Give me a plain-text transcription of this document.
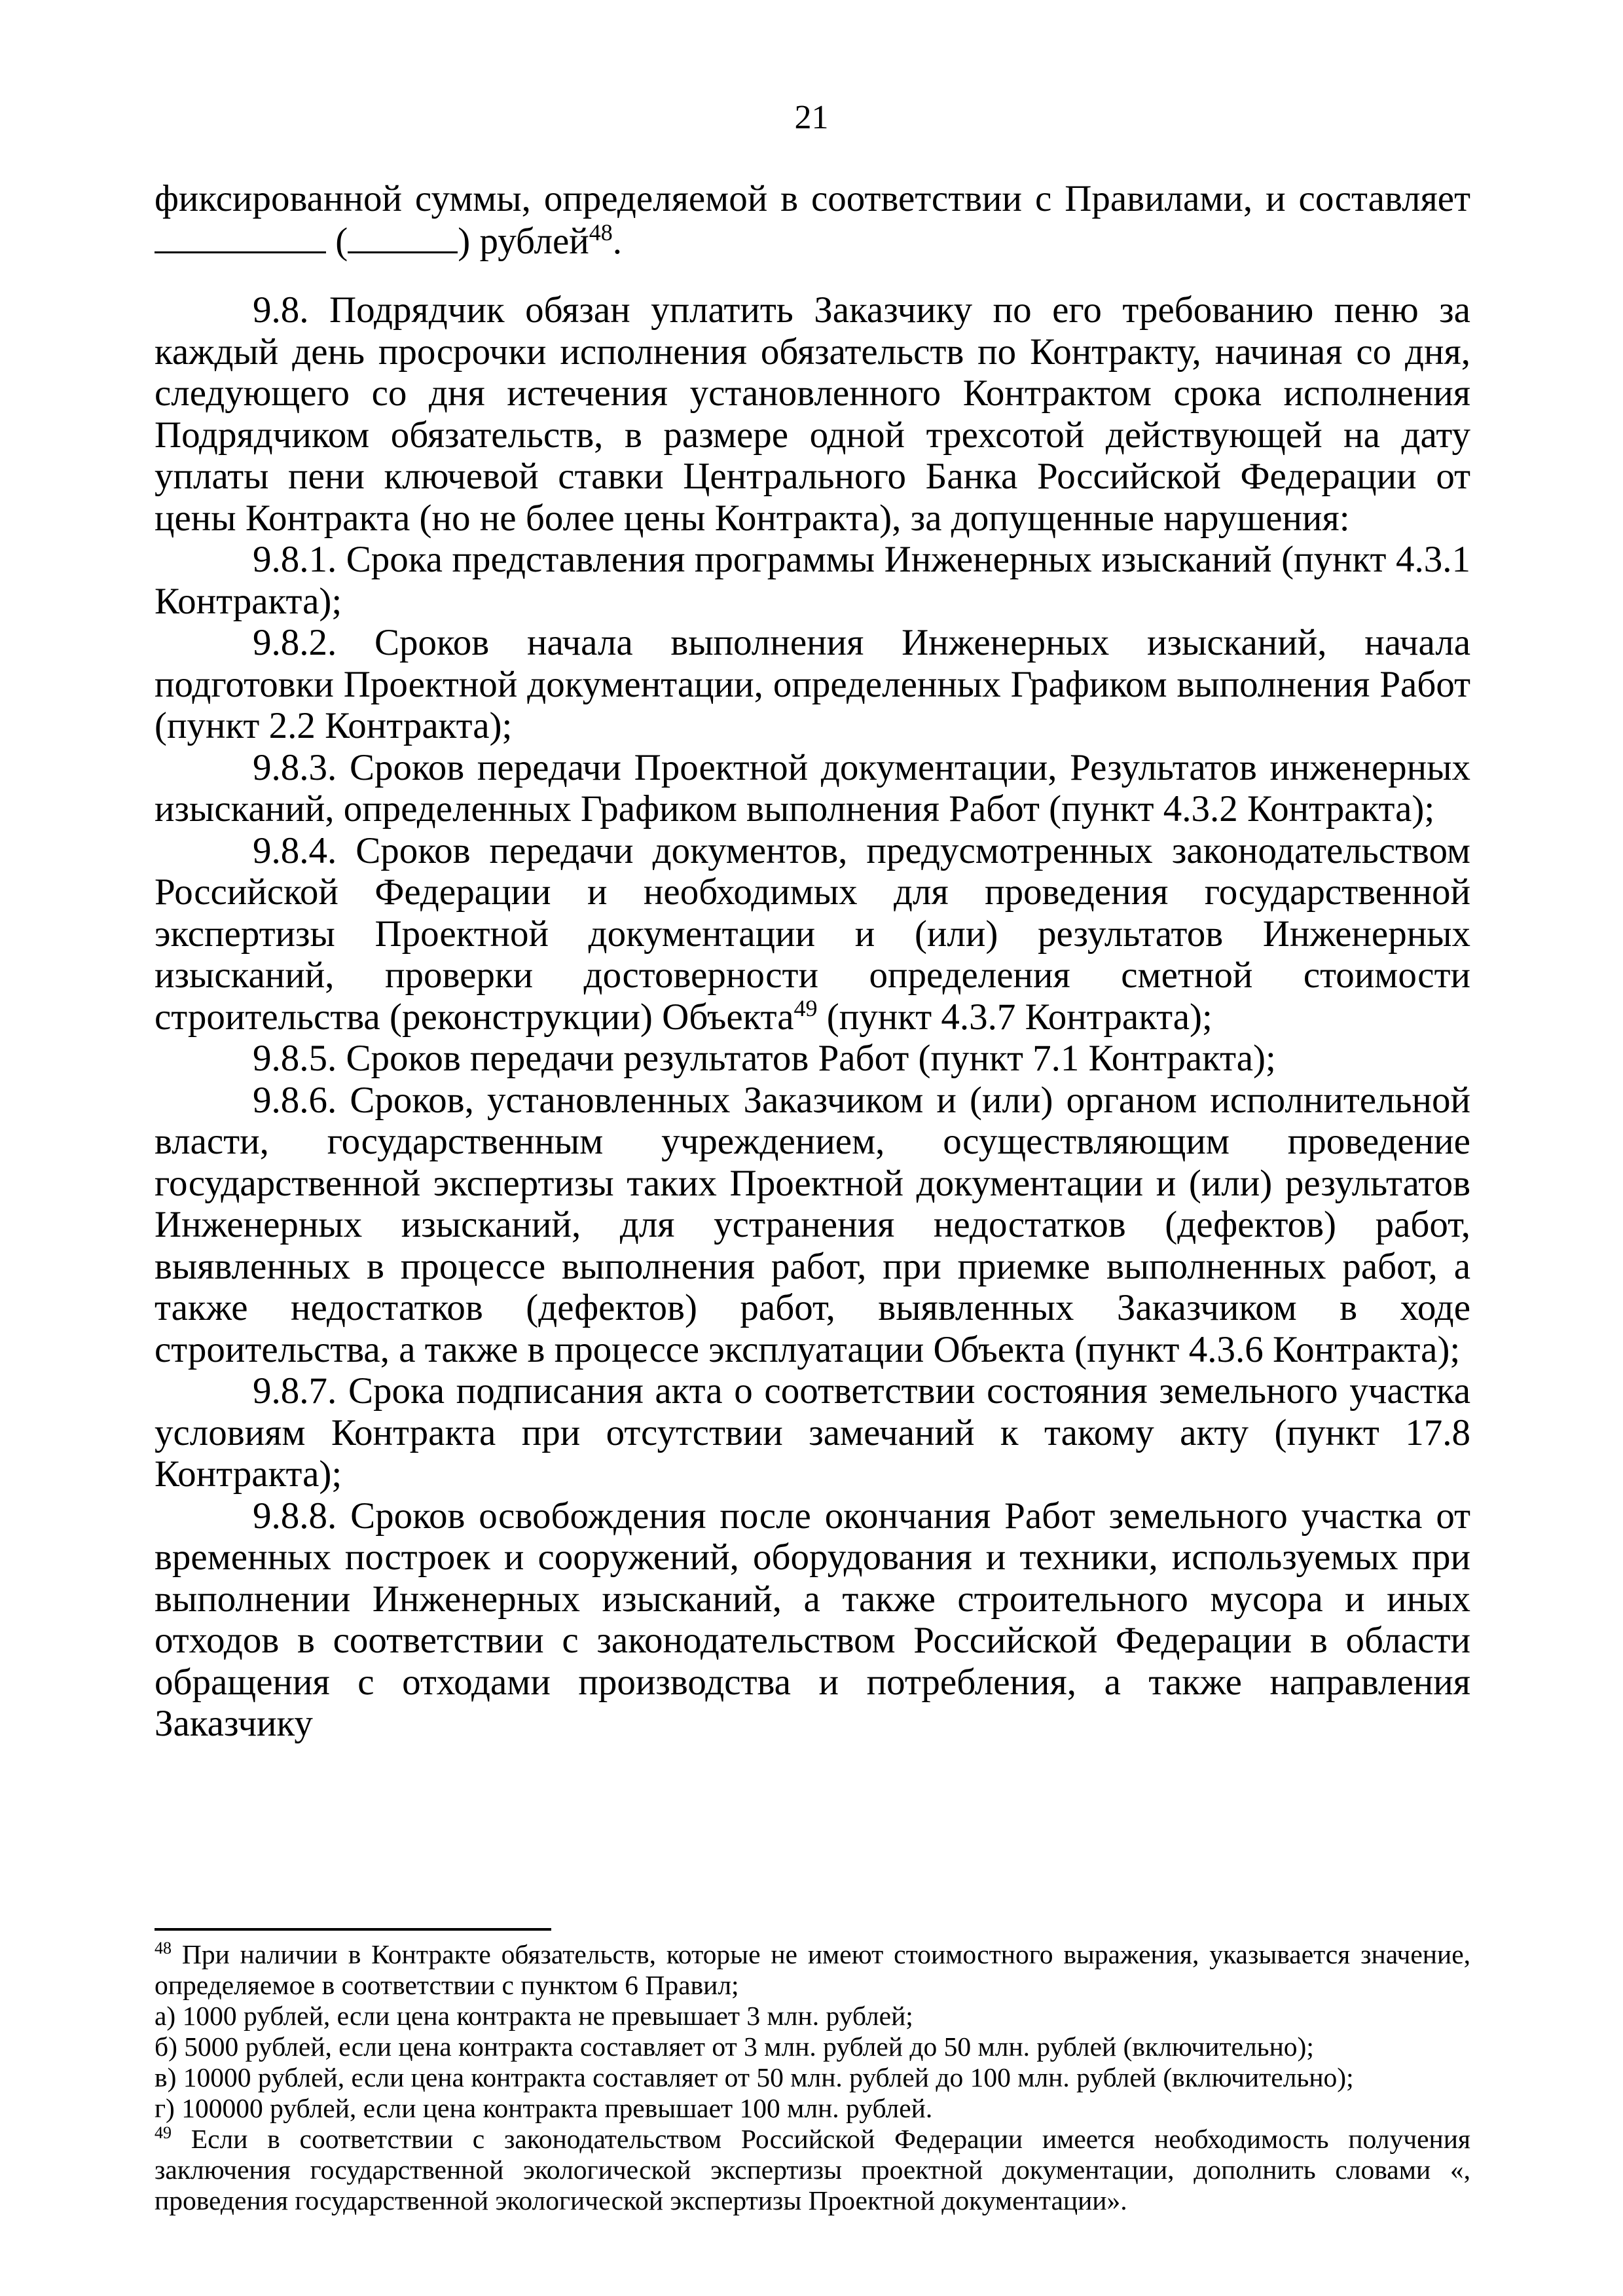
21

фиксированной суммы, определяемой в соответствии с Правилами, и составляет (	) рублей$^{48}$.

9.8. Подрядчик обязан уплатить Заказчику по его требованию пеню за каждый день просрочки исполнения обязательств по Контракту, начиная со дня, следующего со дня истечения установленного Контрактом срока исполнения Подрядчиком обязательств, в размере одной трехсотой действующей на дату уплаты пени ключевой ставки Центрального Банка Российской Федерации от цены Контракта (но не более цены Контракта), за допущенные нарушения:

9.8.1. Срока представления программы Инженерных изысканий (пункт 4.3.1 Контракта);

9.8.2. Сроков начала выполнения Инженерных изысканий, начала подготовки Проектной документации, определенных Графиком выполнения Работ (пункт 2.2 Контракта);

9.8.3. Сроков передачи Проектной документации, Результатов инженерных изысканий, определенных Графиком выполнения Работ (пункт 4.3.2 Контракта);

9.8.4. Сроков передачи документов, предусмотренных законодательством Российской Федерации и необходимых для проведения государственной экспертизы Проектной документации и (или) результатов Инженерных изысканий, проверки достоверности определения сметной стоимости строительства (реконструкции) Объекта$^{49}$ (пункт 4.3.7 Контракта);

9.8.5. Сроков передачи результатов Работ (пункт 7.1 Контракта);

9.8.6. Сроков, установленных Заказчиком и (или) органом исполнительной власти, государственным учреждением, осуществляющим проведение государственной экспертизы таких Проектной документации и (или) результатов Инженерных изысканий, для устранения недостатков (дефектов) работ, выявленных в процессе выполнения работ, при приемке выполненных работ, а также недостатков (дефектов) работ, выявленных Заказчиком в ходе строительства, а также в процессе эксплуатации Объекта (пункт 4.3.6 Контракта);

9.8.7. Срока подписания акта о соответствии состояния земельного участка условиям Контракта при отсутствии замечаний к такому акту (пункт 17.8 Контракта);

9.8.8. Сроков освобождения после окончания Работ земельного участка от временных построек и сооружений, оборудования и техники, используемых при выполнении Инженерных изысканий, а также строительного мусора и иных отходов в соответствии с законодательством Российской Федерации в области обращения с отходами производства и потребления, а также направления Заказчику

$^{48}$ При наличии в Контракте обязательств, которые не имеют стоимостного выражения, указывается значение, определяемое в соответствии с пунктом 6 Правил;

а) 1000 рублей, если цена контракта не превышает 3 млн. рублей;

б) 5000 рублей, если цена контракта составляет от 3 млн. рублей до 50 млн. рублей (включительно);

в) 10000 рублей, если цена контракта составляет от 50 млн. рублей до 100 млн. рублей (включительно);

г) 100000 рублей, если цена контракта превышает 100 млн. рублей.

$^{49}$ Если в соответствии с законодательством Российской Федерации имеется необходимость получения заключения государственной экологической экспертизы проектной документации, дополнить словами «, проведения государственной экологической экспертизы Проектной документации».
